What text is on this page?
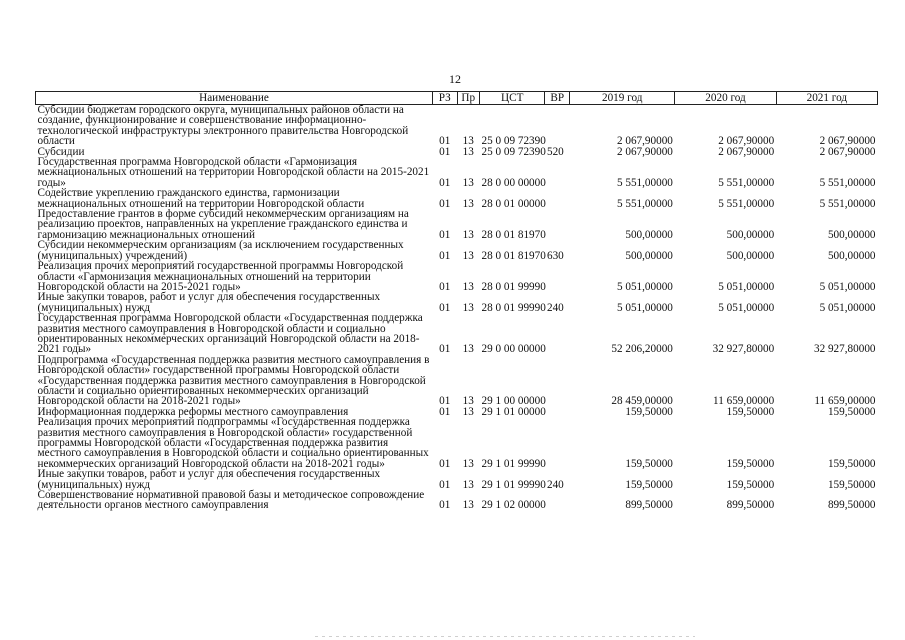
12
Наименование	РЗ	Пр	ЦСТ	ВР	2019 год	2020 год	2021 год
Субсидии бюджетам городского округа, муниципальных районов области на создание, функционирование и совершенствование информационно-технологической инфраструктуры электронного правительства Новгородской области	01	13	25 0 09 72390		2 067,90000	2 067,90000	2 067,90000
Субсидии	01	13	25 0 09 72390	520	2 067,90000	2 067,90000	2 067,90000
Государственная программа Новгородской области «Гармонизация межнациональных отношений на территории Новгородской области на 2015-2021 годы»	01	13	28 0 00 00000		5 551,00000	5 551,00000	5 551,00000
Содействие укреплению гражданского единства, гармонизации межнациональных отношений на территории Новгородской области	01	13	28 0 01 00000		5 551,00000	5 551,00000	5 551,00000
Предоставление грантов в форме субсидий некоммерческим организациям на реализацию проектов, направленных на укрепление гражданского единства и гармонизацию межнациональных отношений	01	13	28 0 01 81970		500,00000	500,00000	500,00000
Субсидии некоммерческим организациям (за исключением государственных (муниципальных) учреждений)	01	13	28 0 01 81970	630	500,00000	500,00000	500,00000
Реализация прочих мероприятий государственной программы Новгородской области «Гармонизация межнациональных отношений на территории Новгородской области на 2015-2021 годы»	01	13	28 0 01 99990		5 051,00000	5 051,00000	5 051,00000
Иные закупки товаров, работ и услуг для обеспечения государственных (муниципальных) нужд	01	13	28 0 01 99990	240	5 051,00000	5 051,00000	5 051,00000
Государственная программа Новгородской области «Государственная поддержка развития местного самоуправления в Новгородской области и социально ориентированных некоммерческих организаций Новгородской области на 2018-2021 годы»	01	13	29 0 00 00000		52 206,20000	32 927,80000	32 927,80000
Подпрограмма «Государственная поддержка развития местного самоуправления в Новгородской области» государственной программы Новгородской области «Государственная поддержка развития местного самоуправления в Новгородской области и социально ориентированных некоммерческих организаций Новгородской области на 2018-2021 годы»	01	13	29 1 00 00000		28 459,00000	11 659,00000	11 659,00000
Информационная поддержка реформы местного самоуправления	01	13	29 1 01 00000		159,50000	159,50000	159,50000
Реализация прочих мероприятий подпрограммы «Государственная поддержка развития местного самоуправления в Новгородской области» государственной программы Новгородской области «Государственная поддержка развития местного самоуправления в Новгородской области и социально ориентированных некоммерческих организаций Новгородской области на 2018-2021 годы»	01	13	29 1 01 99990		159,50000	159,50000	159,50000
Иные закупки товаров, работ и услуг для обеспечения государственных (муниципальных) нужд	01	13	29 1 01 99990	240	159,50000	159,50000	159,50000
Совершенствование нормативной правовой базы и методическое сопровождение деятельности органов местного самоуправления	01	13	29 1 02 00000		899,50000	899,50000	899,50000
